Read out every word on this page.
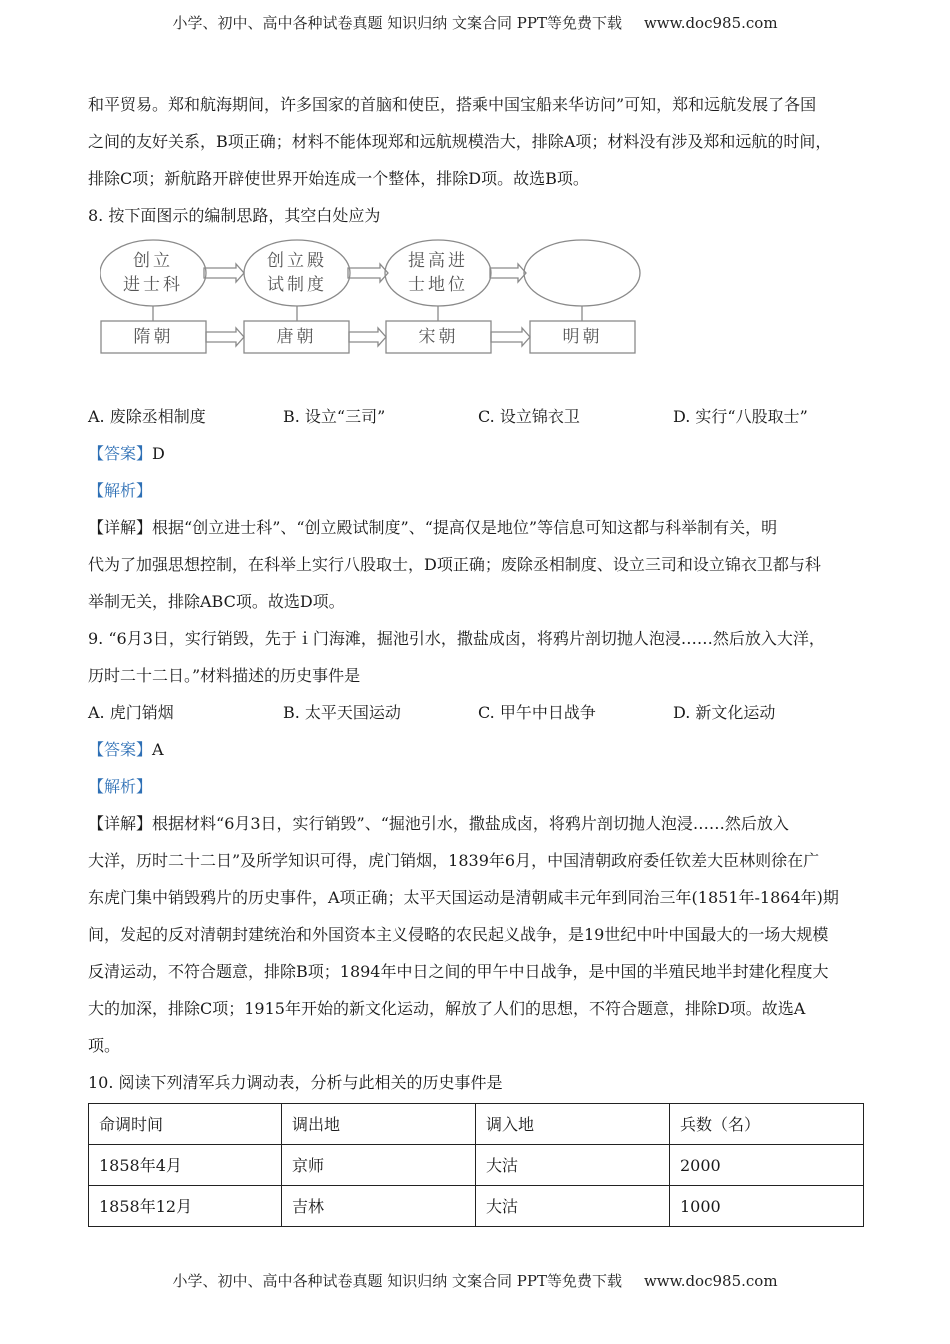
小学、初中、高中各种试卷真题 知识归纳 文案合同 PPT等免费下载 www.doc985.com

和平贸易。郑和航海期间，许多国家的首脑和使臣，搭乘中国宝船来华访问”可知，郑和远航发展了各国

之间的友好关系，B项正确；材料不能体现郑和远航规模浩大，排除A项；材料没有涉及郑和远航的时间，

排除C项；新航路开辟使世界开始连成一个整体，排除D项。故选B项。

8. 按下面图示的编制思路，其空白处应为

创立
进士科
创立殿
试制度
提高进
士地位
隋朝	唐朝	宋朝	明朝
A. 废除丞相制度	B. 设立“三司”	C. 设立锦衣卫	D. 实行“八股取士”

【答案】D

【解析】

【详解】根据“创立进士科”、“创立殿试制度”、“提高仅是地位”等信息可知这都与科举制有关，明

代为了加强思想控制，在科举上实行八股取士，D项正确；废除丞相制度、设立三司和设立锦衣卫都与科

举制无关，排除ABC项。故选D项。

9. “6月3日，实行销毁，先于ｉ门海滩，掘池引水，撒盐成卤，将鸦片剖切抛人泡浸……然后放入大洋，

历时二十二日。”材料描述的历史事件是

A. 虎门销烟	B. 太平天国运动	C. 甲午中日战争	D. 新文化运动

【答案】A

【解析】

【详解】根据材料“6月3日，实行销毁”、“掘池引水，撒盐成卤，将鸦片剖切抛人泡浸……然后放入

大洋，历时二十二日”及所学知识可得，虎门销烟，1839年6月，中国清朝政府委任钦差大臣林则徐在广

东虎门集中销毁鸦片的历史事件，A项正确；太平天国运动是清朝咸丰元年到同治三年(1851年-1864年)期

间，发起的反对清朝封建统治和外国资本主义侵略的农民起义战争，是19世纪中叶中国最大的一场大规模

反清运动，不符合题意，排除B项；1894年中日之间的甲午中日战争，是中国的半殖民地半封建化程度大

大的加深，排除C项；1915年开始的新文化运动，解放了人们的思想，不符合题意，排除D项。故选A

项。

10. 阅读下列清军兵力调动表，分析与此相关的历史事件是

命调时间	调出地	调入地	兵数（名）
1858年4月	京师	大沽	2000
1858年12月	吉林	大沽	1000
小学、初中、高中各种试卷真题 知识归纳 文案合同 PPT等免费下载 www.doc985.com
